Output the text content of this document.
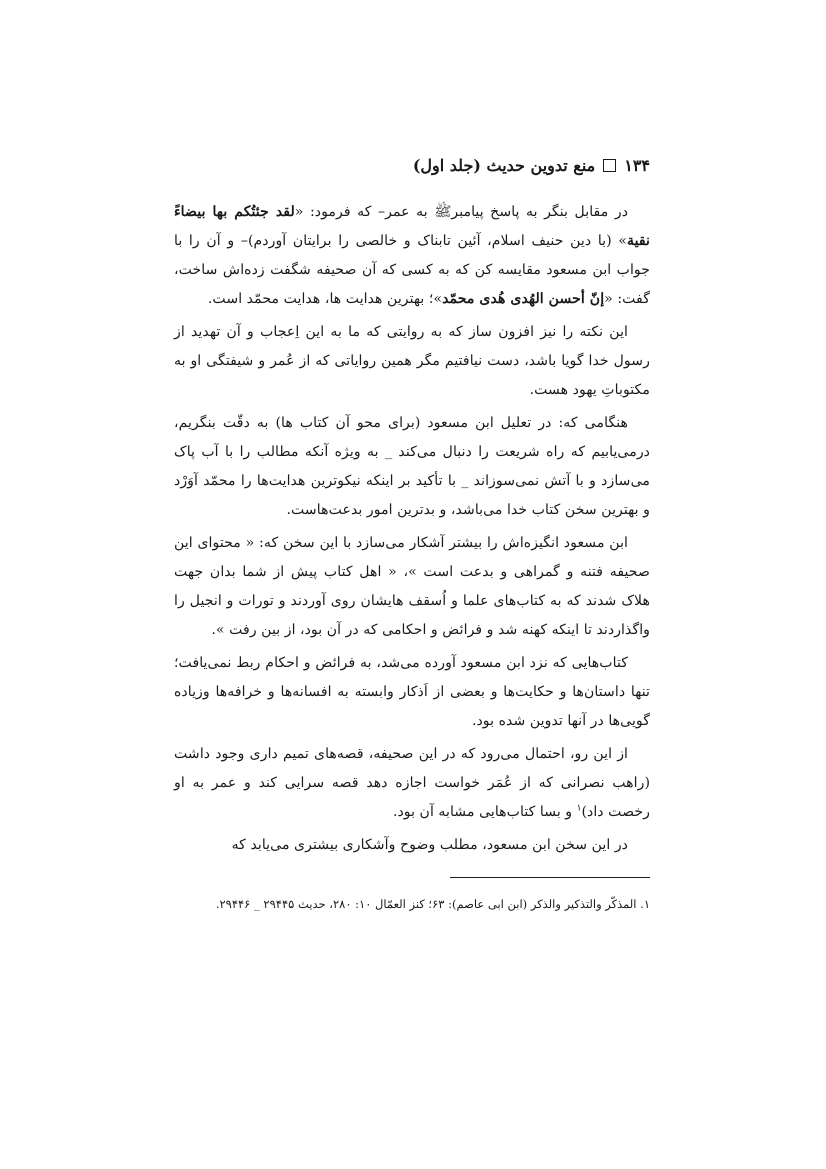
۱۳۴
منع تدوین حدیث (جلد اول)

در مقابل بنگر به پاسخ پیامبرﷺ به عمر– که فرمود: «لقد جئتُکم بها بیضاءً نقیة» (با دین حنیف اسلام، آئین تابناک و خالصی را برایتان آوردم)– و آن را با جواب ابن مسعود مقایسه کن که به کسی که آن صحیفه شگفت زده‌اش ساخت، گفت: «إنّ أحسن الهُدی هُدی محمّد»؛ بهترین هدایت ها، هدایت محمّد است.

این نکته را نیز افزون ساز که به روایتی که ما به این اِعجاب و آن تهدید از رسول خدا گویا باشد، دست نیافتیم مگر همین روایاتی که از عُمر و شیفتگی او به مکتوباتِ یهود هست.

هنگامی که: در تعلیل ابن مسعود (برای محو آن کتاب ها) به دقّت بنگریم، درمی‌یابیم که راه شریعت را دنبال می‌کند _ به ویژه آنکه مطالب را با آب پاک می‌سازد و با آتش نمی‌سوزاند _ با تأکید بر اینکه نیکوترین هدایت‌ها را محمّد آوَرْد و بهترین سخن کتاب خدا می‌باشد، و بدترین امور بدعت‌هاست.

ابن مسعود انگیزه‌اش را بیشتر آشکار می‌سازد با این سخن که: « محتوای این صحیفه فتنه و گمراهی و بدعت است »، « اهل کتاب پیش از شما بدان جهت هلاک شدند که به کتاب‌های علما و اُسقف هایشان روی آوردند و تورات و انجیل را واگذاردند تا اینکه کهنه شد و فرائض و احکامی که در آن بود، از بین رفت ».

کتاب‌هایی که نزد ابن مسعود آورده می‌شد، به فرائض و احکام ربط نمی‌یافت؛ تنها داستان‌ها و حکایت‌ها و بعضی از اَذکار وابسته به افسانه‌ها و خرافه‌ها وزیاده گویی‌ها در آنها تدوین شده بود.

از این رو، احتمال می‌رود که در این صحیفه، قصه‌های تمیم داری وجود داشت (راهب نصرانی که از عُمَر خواست اجازه دهد قصه سرایی کند و عمر به او رخصت داد)$^۱$ و بسا کتاب‌هایی مشابه آن بود.

در این سخن ابن مسعود، مطلب وضوح وآشکاری بیشتری می‌یابد که

۱. المذکّر والتذکیر والذکر (ابن ابی عاصم): ۶۳؛ کنز العمّال ۱۰: ۲۸۰، حدیث ۲۹۴۴۵ _ ۲۹۴۴۶.
